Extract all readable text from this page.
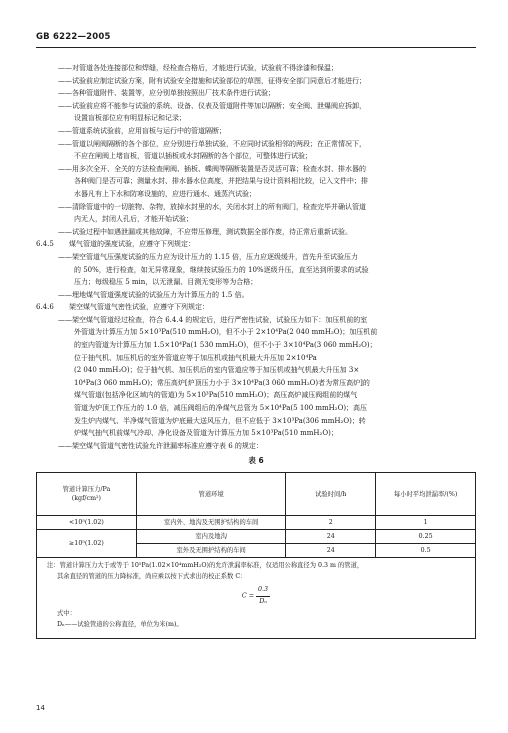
GB 6222—2005

——对管道各处连接部位和焊缝，经检查合格后，才能进行试验，试验前不得涂漆和保温；

——试验前应制定试验方案，附有试验安全措施和试验部位的草图，征得安全部门同意后才能进行；

——各种管道附件、装置等，应分别单独按照出厂技术条件进行试验；

——试验前应将不能参与试验的系统、设备、仪表及管道附件等加以隔断；安全阀、泄爆阀应拆卸，

设置盲板部位应有明显标记和记录；

——管道系统试验前，应用盲板与运行中的管道隔断；

——管道以闸阀隔断的各个部位，应分别进行单独试验，不应同时试验相邻的两段；在正常情况下，

不应在闸阀上堵盲板，管道以插板或水封隔断的各个部位，可整体进行试验；

——用多次全开、全关的方法检查闸阀、插板、蝶阀等隔断装置是否灵活可靠；检查水封、排水器的

各种阀门是否可靠；测量水封、排水器水位高度，并把结果与设计资料相比较，记入文件中；排

水器凡有上下水和防寒设施的，应进行通水、通蒸汽试验；

——清除管道中的一切脏物、杂物，放掉水封里的水，关闭水封上的所有阀门，检查完毕并确认管道

内无人，封闭人孔后，才能开始试验；

——试验过程中如遇泄漏或其他故障，不应带压修理，测试数据全部作废，待正常后重新试验。

6.4.5 煤气管道的强度试验，应遵守下列规定：

——架空管道气压强度试验的压力应为设计压力的 1.15 倍，压力应逐级缓升，首先升至试验压力

的 50%，进行检查，如无异常现象，继续按试验压力的 10%逐级升压，直至达到所要求的试验

压力；每级稳压 5 min，以无泄漏、目测无变形等为合格；

——埋地煤气管道强度试验的试验压力为计算压力的 1.5 倍。

6.4.6 架空煤气管道气密性试验，应遵守下列规定：

——架空煤气管道经过检查，符合 6.4.4 的规定后，进行严密性试验，试验压力如下：加压机前的室

外管道为计算压力加 5×10³Pa(510 mmH₂O)，但不小于 2×10⁴Pa(2 040 mmH₂O)；加压机前

的室内管道为计算压力加 1.5×10⁴Pa(1 530 mmH₂O)，但不小于 3×10⁴Pa(3 060 mmH₂O)；

位于抽气机、加压机后的室外管道应等于加压机或抽气机最大升压加 2×10⁴Pa

(2 040 mmH₂O)；位于抽气机、加压机后的室内管道应等于加压机或抽气机最大升压加 3×

10⁴Pa(3 060 mmH₂O)；常压高炉[炉顶压力小于 3×10⁴Pa(3 060 mmH₂O)者为常压高炉]的

煤气管道(包括净化区域内的管道)为 5×10³Pa(510 mmH₂O)；高压高炉减压阀组前的煤气

管道为炉顶工作压力的 1.0 倍，减压阀组后的净煤气总管为 5×10⁴Pa(5 100 mmH₂O)；高压

发生炉内煤气、半净煤气管道为炉底最大送风压力，但不应低于 3×10³Pa(306 mmH₂O)；转

炉煤气抽气机前煤气冷却、净化设备及管道为计算压力加 5×10³Pa(510 mmH₂O)；

——架空煤气管道气密性试验允许泄漏率标准应遵守表 6 的规定：

表 6
管道计算压力/Pa
(kgf/cm²)	管道环境	试验时间/h	每小时平均泄漏率/(%)
<10⁵(1.02)	室内外、地沟及无围护结构的车间	2	1
≥10⁵(1.02)	室内及地沟	24	0.25
	室外及无围护结构的车间	24	0.5

注：管道计算压力大于或等于 10⁵Pa(1.02×10⁴mmH₂O)的允许泄漏率标准，仅适用公称直径为 0.3 m 的管道，

其余直径的管道的压力降标准，尚应乘以按下式求出的校正系数 C：

$C = \frac{0.3}{\text{Dₙ}}$

式中：

Dₙ——试验管道的公称直径，单位为米(m)。

14
